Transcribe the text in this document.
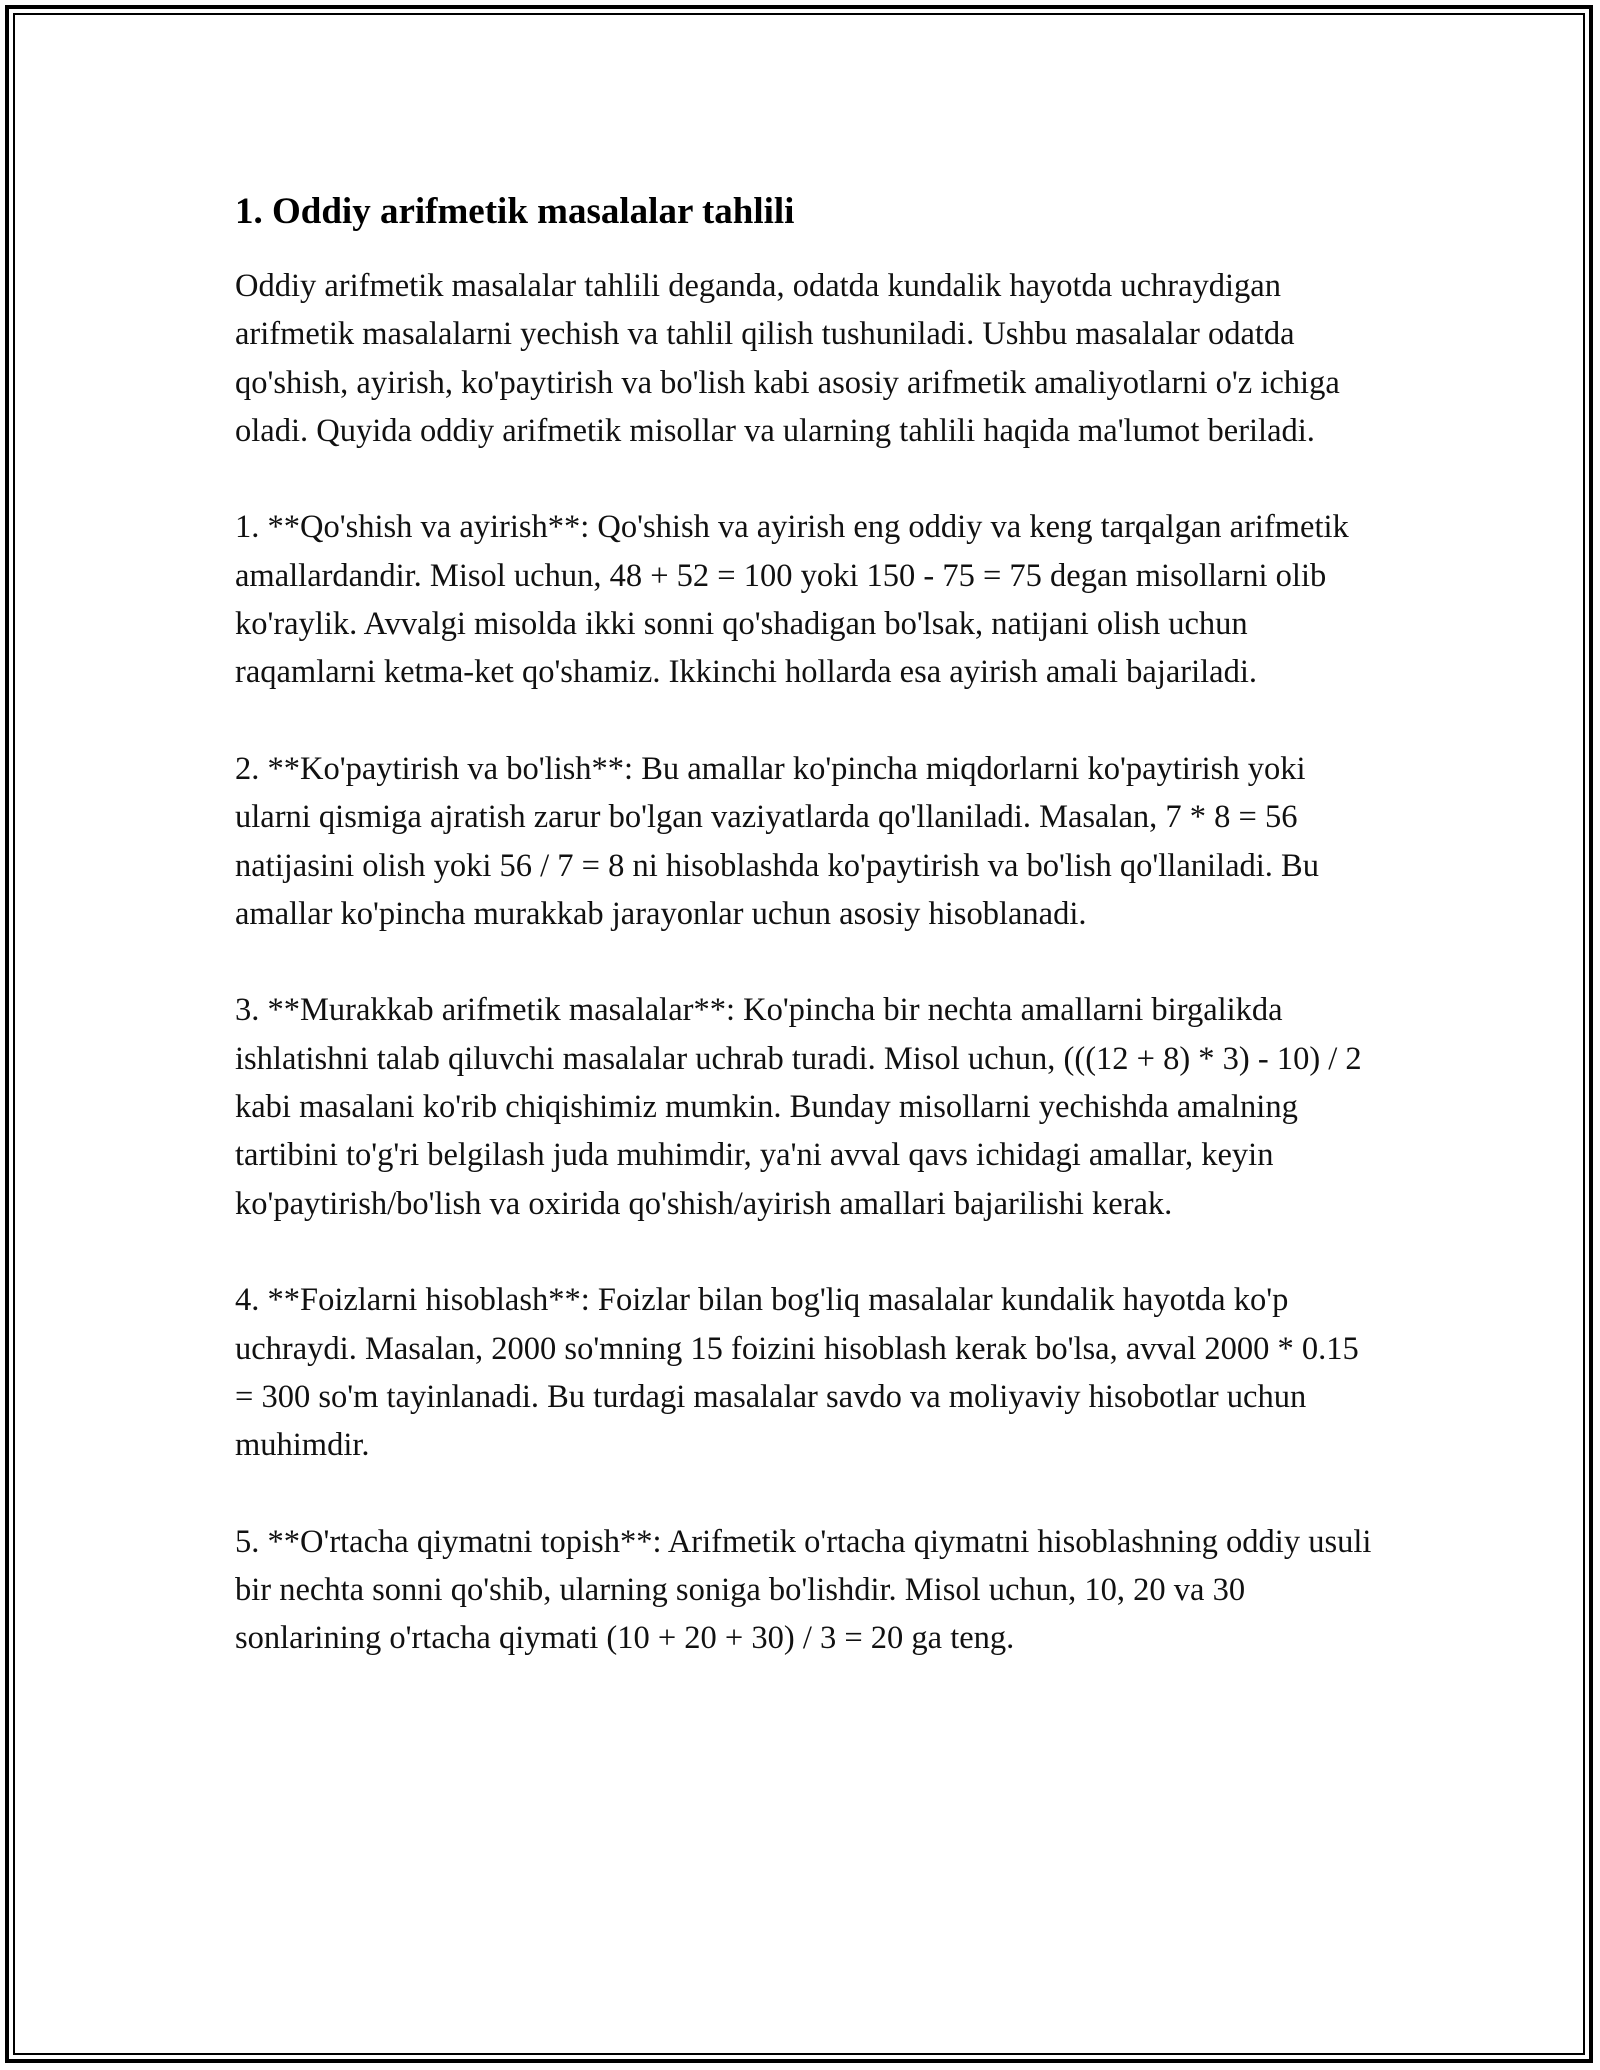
1. Oddiy arifmetik masalalar tahlili

Oddiy arifmetik masalalar tahlili deganda, odatda kundalik hayotda uchraydigan arifmetik masalalarni yechish va tahlil qilish tushuniladi. Ushbu masalalar odatda qo'shish, ayirish, ko'paytirish va bo'lish kabi asosiy arifmetik amaliyotlarni o'z ichiga oladi. Quyida oddiy arifmetik misollar va ularning tahlili haqida ma'lumot beriladi.

1. **Qo'shish va ayirish**: Qo'shish va ayirish eng oddiy va keng tarqalgan arifmetik amallardandir. Misol uchun, 48 + 52 = 100 yoki 150 - 75 = 75 degan misollarni olib ko'raylik. Avvalgi misolda ikki sonni qo'shadigan bo'lsak, natijani olish uchun raqamlarni ketma-ket qo'shamiz. Ikkinchi hollarda esa ayirish amali bajariladi.

2. **Ko'paytirish va bo'lish**: Bu amallar ko'pincha miqdorlarni ko'paytirish yoki ularni qismiga ajratish zarur bo'lgan vaziyatlarda qo'llaniladi. Masalan, 7 * 8 = 56 natijasini olish yoki 56 / 7 = 8 ni hisoblashda ko'paytirish va bo'lish qo'llaniladi. Bu amallar ko'pincha murakkab jarayonlar uchun asosiy hisoblanadi.

3. **Murakkab arifmetik masalalar**: Ko'pincha bir nechta amallarni birgalikda ishlatishni talab qiluvchi masalalar uchrab turadi. Misol uchun, (((12 + 8) * 3) - 10) / 2 kabi masalani ko'rib chiqishimiz mumkin. Bunday misollarni yechishda amalning tartibini to'g'ri belgilash juda muhimdir, ya'ni avval qavs ichidagi amallar, keyin ko'paytirish/bo'lish va oxirida qo'shish/ayirish amallari bajarilishi kerak.

4. **Foizlarni hisoblash**: Foizlar bilan bog'liq masalalar kundalik hayotda ko'p uchraydi. Masalan, 2000 so'mning 15 foizini hisoblash kerak bo'lsa, avval 2000 * 0.15 = 300 so'm tayinlanadi. Bu turdagi masalalar savdo va moliyaviy hisobotlar uchun muhimdir.

5. **O'rtacha qiymatni topish**: Arifmetik o'rtacha qiymatni hisoblashning oddiy usuli bir nechta sonni qo'shib, ularning soniga bo'lishdir. Misol uchun, 10, 20 va 30 sonlarining o'rtacha qiymati (10 + 20 + 30) / 3 = 20 ga teng.
